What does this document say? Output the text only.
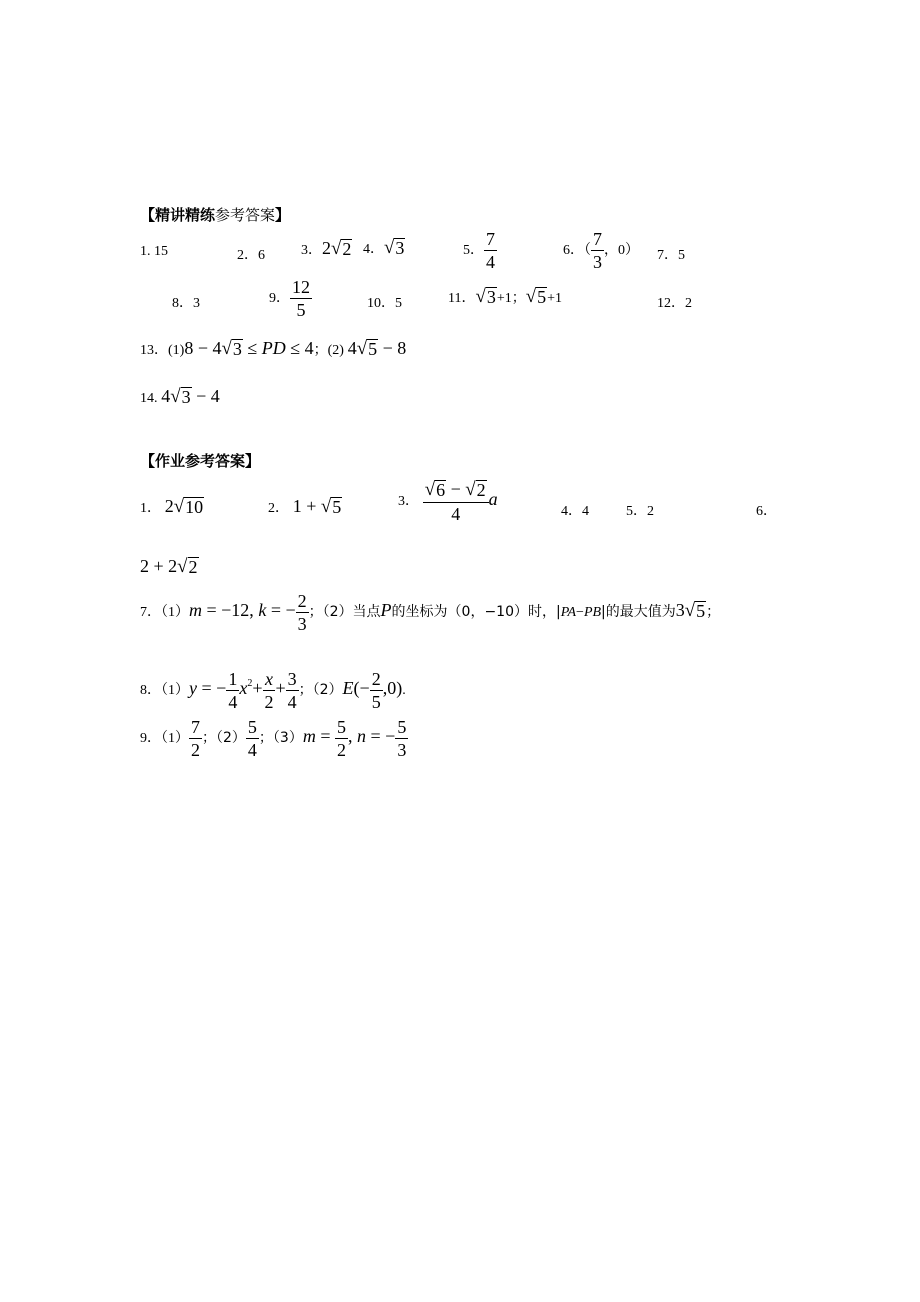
【精讲精练参考答案】
1. 15	2．6	3．2 √ 2 4． √ 3	5． $\frac{7}{4}$	6．（ $\frac{7}{3}$ ，0） 7．5
8．3	9． $\frac{12}{5}$	10．5	11． √ 3 +1； √ 5 +1	12．2
13．(1)8 − 4 √ 3 ≤ PD ≤ 4；(2) 4 √ 5 − 8
14. 4 √ 3 − 4
【作业参考答案】
1． 2 √ 10	2． 1 + √ 5	3． $\frac{√ 6 - √ 2}{4}$ a
4．4	5．2	6．
2 + 2 √ 2
7．（1）m = −12, k = − $\frac{2}{3}$ ；（2）当点P的坐标为（0，−10）时，|PA−PB|的最大值为3 √ 5 ；
8．（1）y = − $\frac{1}{4} x^2+ \frac{x}{2} + \frac{3}{4}$ ；$(2)E(- \frac{2}{5} ,0)$.
9．$(1) \frac{7}{2}$ ；$(2) \frac{5}{4}$ ；$(3)m = \frac{5}{2}$ , n = − $\frac{5}{3}$
